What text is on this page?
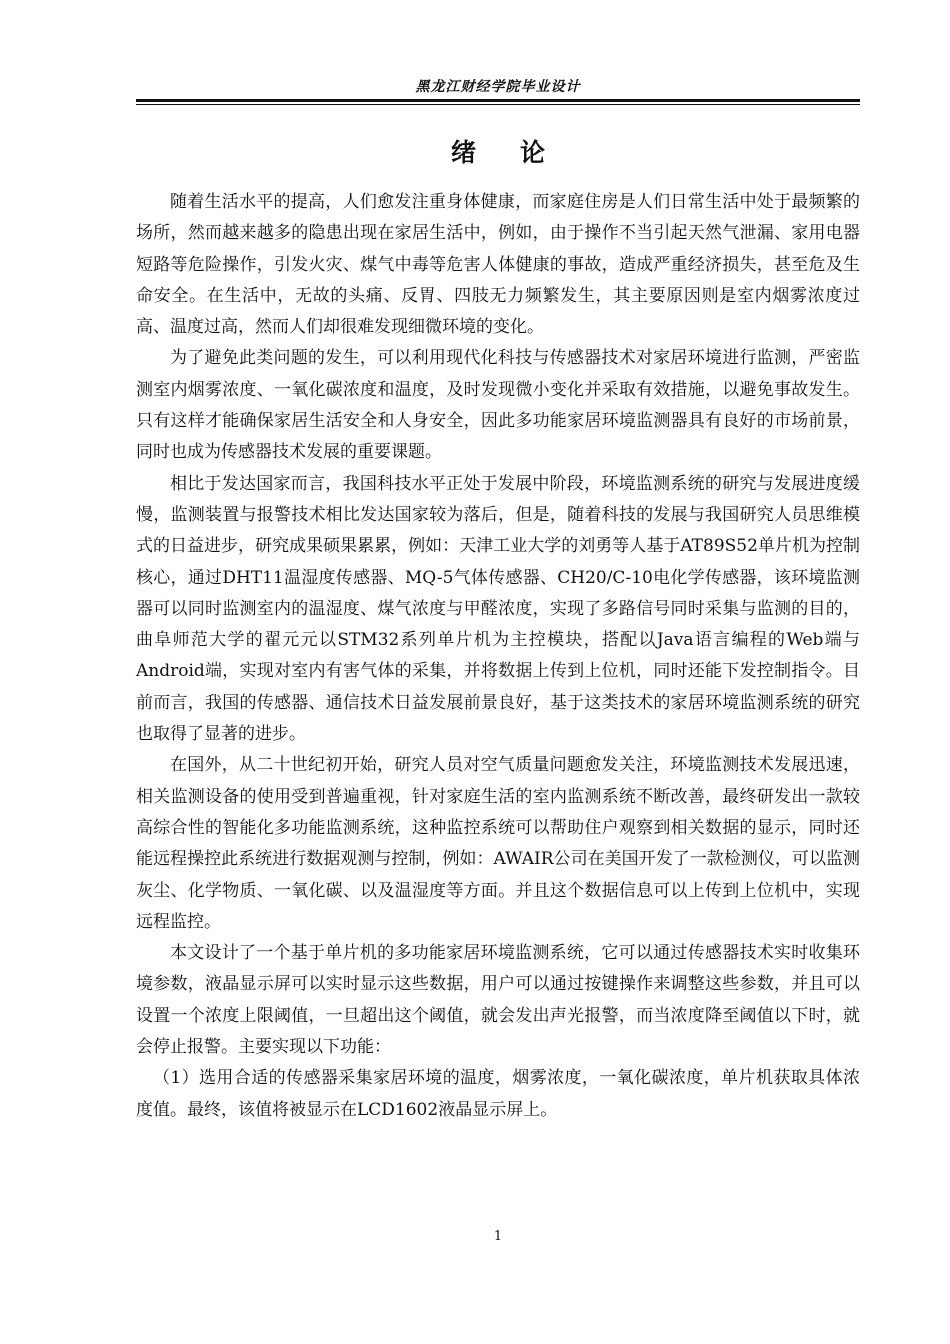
黑龙江财经学院毕业设计
绪论

随着生活水平的提高，人们愈发注重身体健康，而家庭住房是人们日常生活中处于最频繁的场所，然而越来越多的隐患出现在家居生活中，例如，由于操作不当引起天然气泄漏、家用电器短路等危险操作，引发火灾、煤气中毒等危害人体健康的事故，造成严重经济损失，甚至危及生命安全。在生活中，无故的头痛、反胃、四肢无力频繁发生，其主要原因则是室内烟雾浓度过高、温度过高，然而人们却很难发现细微环境的变化。

为了避免此类问题的发生，可以利用现代化科技与传感器技术对家居环境进行监测，严密监测室内烟雾浓度、一氧化碳浓度和温度，及时发现微小变化并采取有效措施，以避免事故发生。只有这样才能确保家居生活安全和人身安全，因此多功能家居环境监测器具有良好的市场前景，同时也成为传感器技术发展的重要课题。

相比于发达国家而言，我国科技水平正处于发展中阶段，环境监测系统的研究与发展进度缓慢，监测装置与报警技术相比发达国家较为落后，但是，随着科技的发展与我国研究人员思维模式的日益进步，研究成果硕果累累，例如：天津工业大学的刘勇等人基于AT89S52单片机为控制核心，通过DHT11温湿度传感器、MQ-5气体传感器、CH20/C-10电化学传感器，该环境监测器可以同时监测室内的温湿度、煤气浓度与甲醛浓度，实现了多路信号同时采集与监测的目的，曲阜师范大学的翟元元以STM32系列单片机为主控模块，搭配以Java语言编程的Web端与Android端，实现对室内有害气体的采集，并将数据上传到上位机，同时还能下发控制指令。目前而言，我国的传感器、通信技术日益发展前景良好，基于这类技术的家居环境监测系统的研究也取得了显著的进步。

在国外，从二十世纪初开始，研究人员对空气质量问题愈发关注，环境监测技术发展迅速，相关监测设备的使用受到普遍重视，针对家庭生活的室内监测系统不断改善，最终研发出一款较高综合性的智能化多功能监测系统，这种监控系统可以帮助住户观察到相关数据的显示，同时还能远程操控此系统进行数据观测与控制，例如：AWAIR公司在美国开发了一款检测仪，可以监测灰尘、化学物质、一氧化碳、以及温湿度等方面。并且这个数据信息可以上传到上位机中，实现远程监控。

本文设计了一个基于单片机的多功能家居环境监测系统，它可以通过传感器技术实时收集环境参数，液晶显示屏可以实时显示这些数据，用户可以通过按键操作来调整这些参数，并且可以设置一个浓度上限阈值，一旦超出这个阈值，就会发出声光报警，而当浓度降至阈值以下时，就会停止报警。主要实现以下功能：

（1）选用合适的传感器采集家居环境的温度，烟雾浓度，一氧化碳浓度，单片机获取具体浓度值。最终，该值将被显示在LCD1602液晶显示屏上。

1
